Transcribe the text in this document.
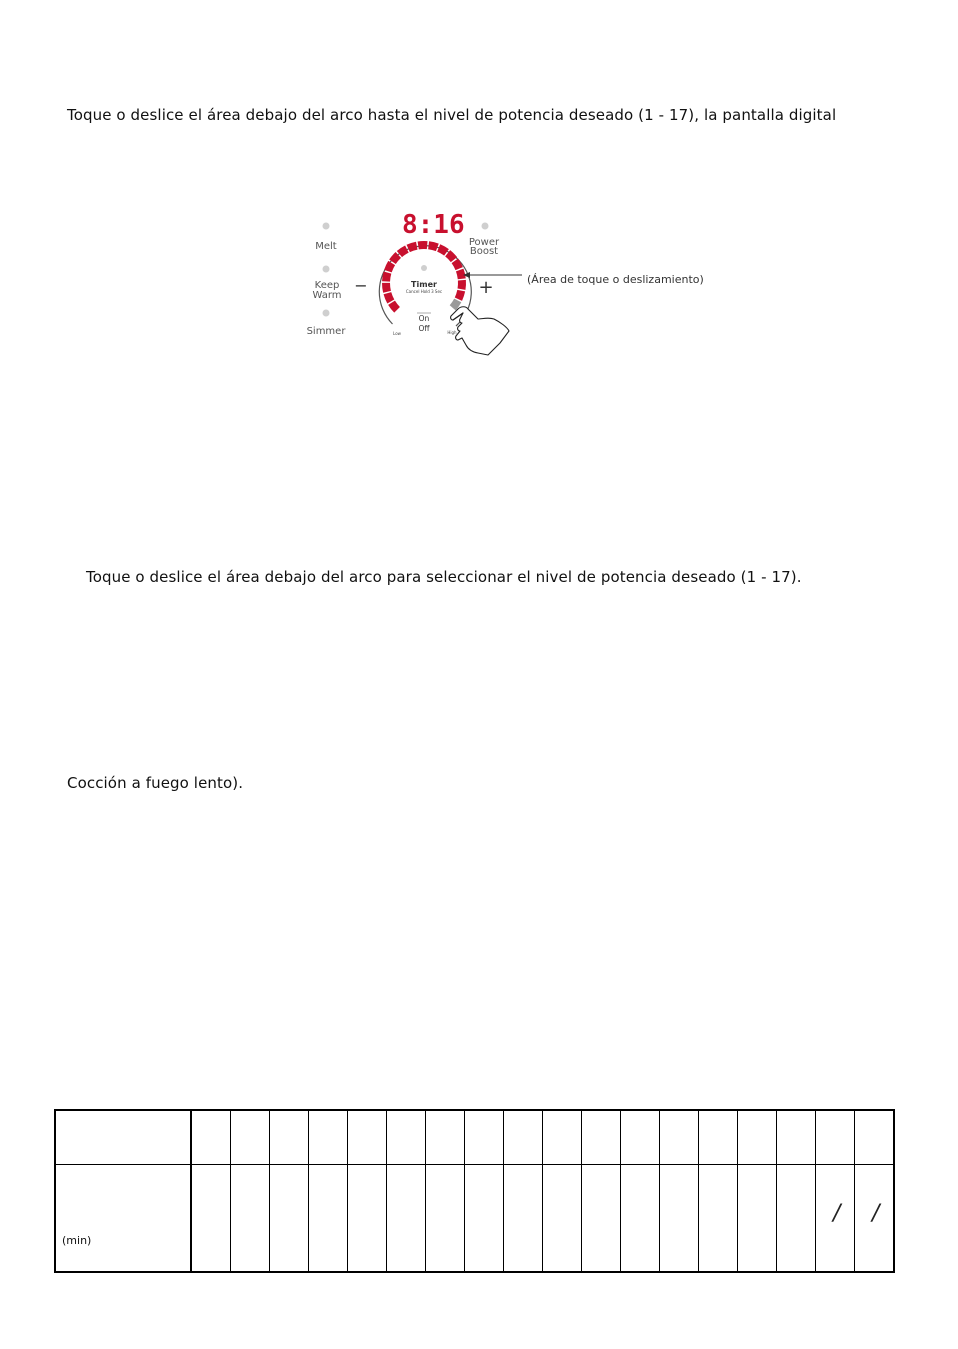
Toque o deslice el área debajo del arco hasta el nivel de potencia deseado (1 - 17), la pantalla digital
8:16
Melt
Keep
Warm
Simmer
Power
Boost
−	+
Timer
Cancel Hold 3 Sec
On
Off
Low	High
(Área de toque o deslizamiento)
Toque o deslice el área debajo del arco para seleccionar el nivel de potencia deseado (1 - 17).
Cocción a fuego lento).

(min)																	/	/
